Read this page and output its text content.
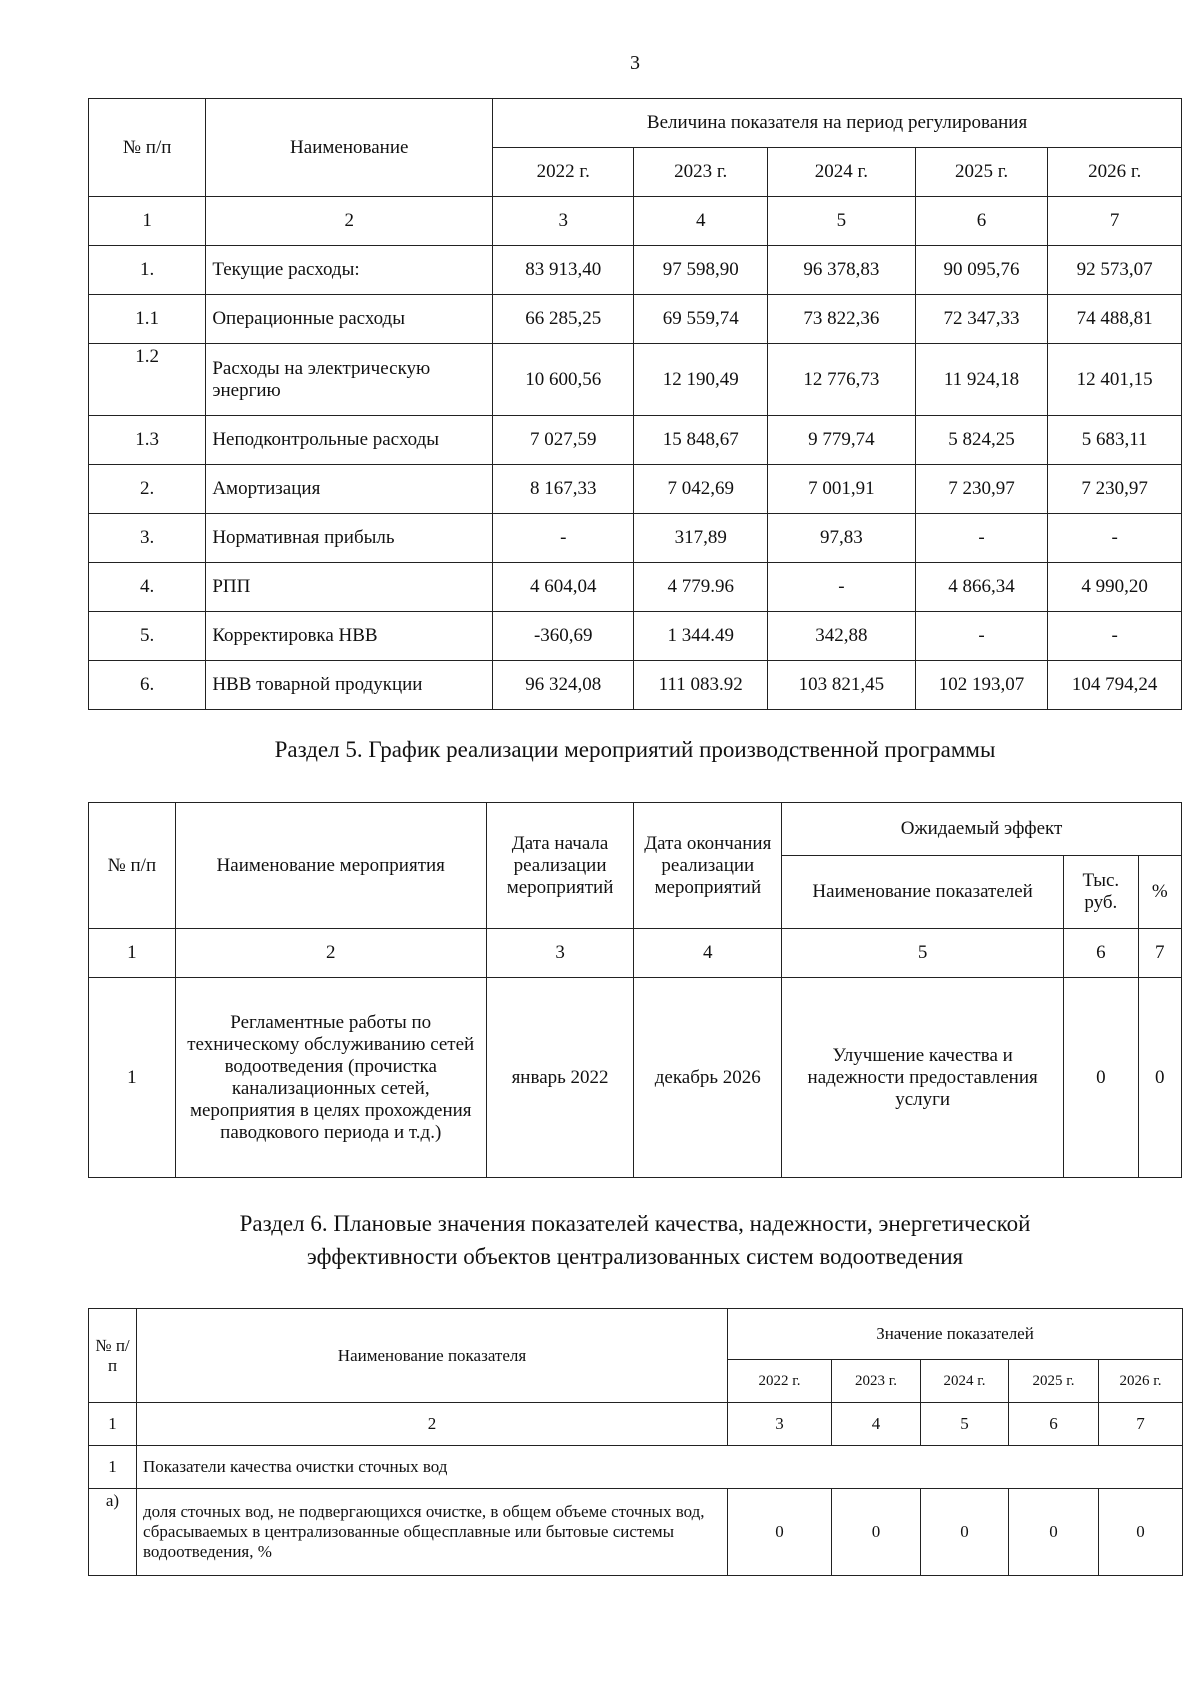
3
№ п/п	Наименование	Величина показателя на период регулирования				
		2022 г.	2023 г.	2024 г.	2025 г.	2026 г.
1	2	3	4	5	6	7
1.	Текущие расходы:	83 913,40	97 598,90	96 378,83	90 095,76	92 573,07
1.1	Операционные расходы	66 285,25	69 559,74	73 822,36	72 347,33	74 488,81
1.2	Расходы на электрическую энергию	10 600,56	12 190,49	12 776,73	11 924,18	12 401,15
1.3	Неподконтрольные расходы	7 027,59	15 848,67	9 779,74	5 824,25	5 683,11
2.	Амортизация	8 167,33	7 042,69	7 001,91	7 230,97	7 230,97
3.	Нормативная прибыль	-	317,89	97,83	-	-
4.	РПП	4 604,04	4 779.96	-	4 866,34	4 990,20
5.	Корректировка НВВ	-360,69	1 344.49	342,88	-	-
6.	НВВ товарной продукции	96 324,08	111 083.92	103 821,45	102 193,07	104 794,24
Раздел 5. График реализации мероприятий производственной программы
№ п/п	Наименование мероприятия	Дата начала реализации мероприятий	Дата окончания реализации мероприятий	Ожидаемый эффект		
				Наименование показателей	Тыс. руб.	%
1	2	3	4	5	6	7
1	Регламентные работы по техническому обслуживанию сетей водоотведения (прочистка канализационных сетей, мероприятия в целях прохождения паводкового периода и т.д.)	январь 2022	декабрь 2026	Улучшение качества и надежности предоставления услуги	0	0
Раздел 6. Плановые значения показателей качества, надежности, энергетической
эффективности объектов централизованных систем водоотведения
№ п/п	Наименование показателя	Значение показателей				
		2022 г.	2023 г.	2024 г.	2025 г.	2026 г.
1	2	3	4	5	6	7
1	Показатели качества очистки сточных вод					
а)	доля сточных вод, не подвергающихся очистке, в общем объеме сточных вод, сбрасываемых в централизованные общесплавные или бытовые системы водоотведения, %	0	0	0	0	0
